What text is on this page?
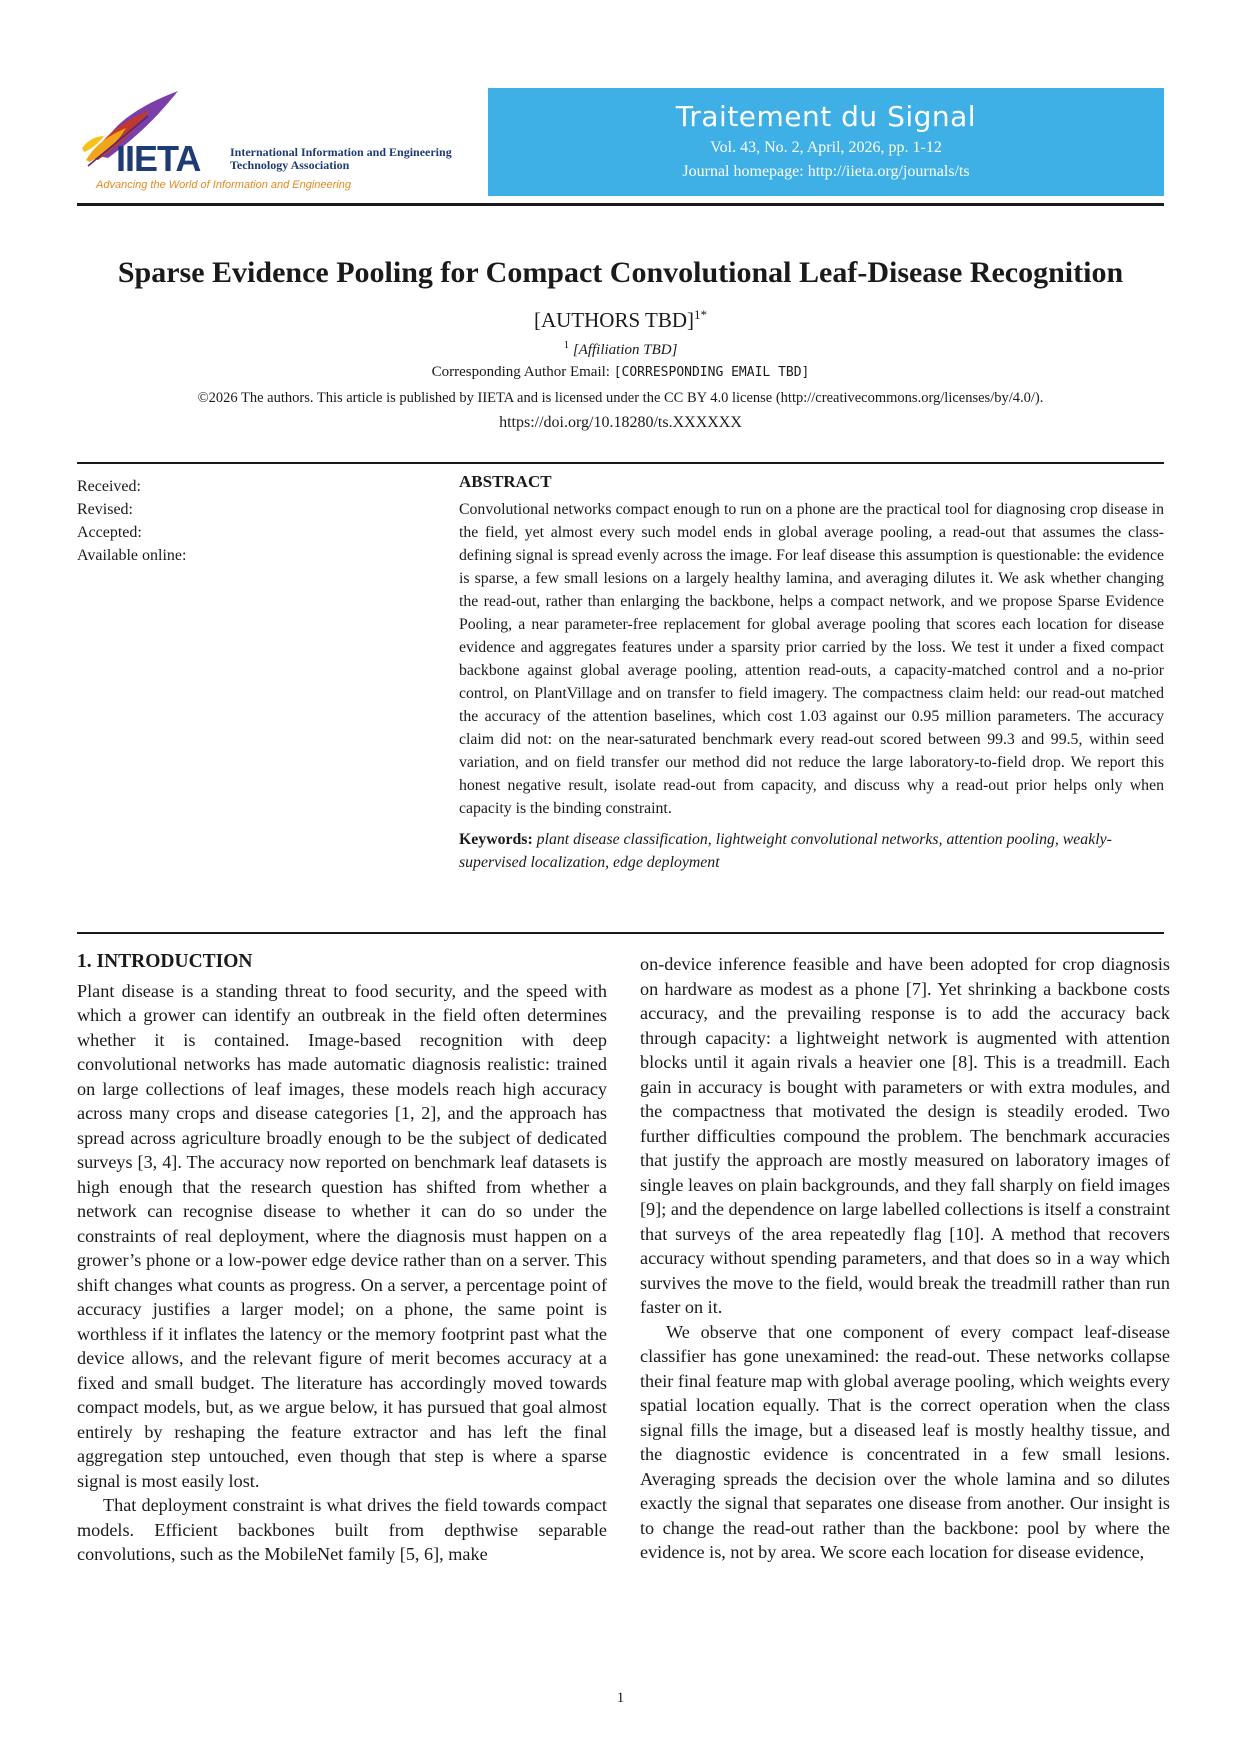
IIETA International Information and Engineering Technology Association
Advancing the World of Information and Engineering
Traitement du Signal
Vol. 43, No. 2, April, 2026, pp. 1-12
Journal homepage: http://iieta.org/journals/ts
Sparse Evidence Pooling for Compact Convolutional Leaf-Disease Recognition
[AUTHORS TBD]$^{1*}$
$^1$ [Affiliation TBD]
Corresponding Author Email: [CORRESPONDING EMAIL TBD]
©2026 The authors. This article is published by IIETA and is licensed under the CC BY 4.0 license (http://creativecommons.org/licenses/by/4.0/).
https://doi.org/10.18280/ts.XXXXXX
Received:
Revised:
Accepted:
Available online:
ABSTRACT

Convolutional networks compact enough to run on a phone are the practical tool for diagnosing crop disease in the field, yet almost every such model ends in global average pooling, a read-out that assumes the class-defining signal is spread evenly across the image. For leaf disease this assumption is questionable: the evidence is sparse, a few small lesions on a largely healthy lamina, and averaging dilutes it. We ask whether changing the read-out, rather than enlarging the backbone, helps a compact network, and we propose Sparse Evidence Pooling, a near parameter-free replacement for global average pooling that scores each location for disease evidence and aggregates features under a sparsity prior carried by the loss. We test it under a fixed compact backbone against global average pooling, attention read-outs, a capacity-matched control and a no-prior control, on PlantVillage and on transfer to field imagery. The compactness claim held: our read-out matched the accuracy of the attention baselines, which cost 1.03 against our 0.95 million parameters. The accuracy claim did not: on the near-saturated benchmark every read-out scored between 99.3 and 99.5, within seed variation, and on field transfer our method did not reduce the large laboratory-to-field drop. We report this honest negative result, isolate read-out from capacity, and discuss why a read-out prior helps only when capacity is the binding constraint.

Keywords: plant disease classification, lightweight convolutional networks, attention pooling, weakly-supervised localization, edge deployment
1. INTRODUCTION

Plant disease is a standing threat to food security, and the speed with which a grower can identify an outbreak in the field often determines whether it is contained. Image-based recognition with deep convolutional networks has made automatic diagnosis realistic: trained on large collections of leaf images, these models reach high accuracy across many crops and disease categories [1, 2], and the approach has spread across agriculture broadly enough to be the subject of dedicated surveys [3, 4]. The accuracy now reported on benchmark leaf datasets is high enough that the research question has shifted from whether a network can recognise disease to whether it can do so under the constraints of real deployment, where the diagnosis must happen on a grower’s phone or a low-power edge device rather than on a server. This shift changes what counts as progress. On a server, a percentage point of accuracy justifies a larger model; on a phone, the same point is worthless if it inflates the latency or the memory footprint past what the device allows, and the relevant figure of merit becomes accuracy at a fixed and small budget. The literature has accordingly moved towards compact models, but, as we argue below, it has pursued that goal almost entirely by reshaping the feature extractor and has left the final aggregation step untouched, even though that step is where a sparse signal is most easily lost.

That deployment constraint is what drives the field towards compact models. Efficient backbones built from depthwise separable convolutions, such as the MobileNet family [5, 6], make

on-device inference feasible and have been adopted for crop diagnosis on hardware as modest as a phone [7]. Yet shrinking a backbone costs accuracy, and the prevailing response is to add the accuracy back through capacity: a lightweight network is augmented with attention blocks until it again rivals a heavier one [8]. This is a treadmill. Each gain in accuracy is bought with parameters or with extra modules, and the compactness that motivated the design is steadily eroded. Two further difficulties compound the problem. The benchmark accuracies that justify the approach are mostly measured on laboratory images of single leaves on plain backgrounds, and they fall sharply on field images [9]; and the dependence on large labelled collections is itself a constraint that surveys of the area repeatedly flag [10]. A method that recovers accuracy without spending parameters, and that does so in a way which survives the move to the field, would break the treadmill rather than run faster on it.

We observe that one component of every compact leaf-disease classifier has gone unexamined: the read-out. These networks collapse their final feature map with global average pooling, which weights every spatial location equally. That is the correct operation when the class signal fills the image, but a diseased leaf is mostly healthy tissue, and the diagnostic evidence is concentrated in a few small lesions. Averaging spreads the decision over the whole lamina and so dilutes exactly the signal that separates one disease from another. Our insight is to change the read-out rather than the backbone: pool by where the evidence is, not by area. We score each location for disease evidence,

1
